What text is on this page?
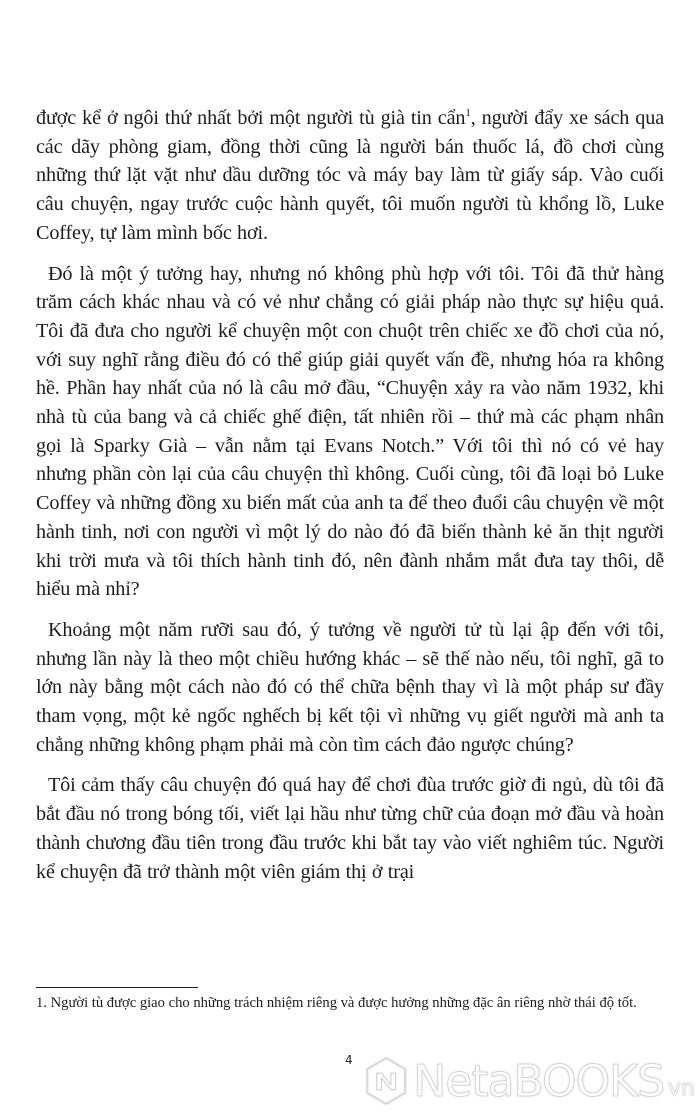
được kể ở ngôi thứ nhất bởi một người tù già tin cẩn$^1$, người đẩy xe sách qua các dãy phòng giam, đồng thời cũng là người bán thuốc lá, đồ chơi cùng những thứ lặt vặt như dầu dưỡng tóc và máy bay làm từ giấy sáp. Vào cuối câu chuyện, ngay trước cuộc hành quyết, tôi muốn người tù khổng lồ, Luke Coffey, tự làm mình bốc hơi.

Đó là một ý tưởng hay, nhưng nó không phù hợp với tôi. Tôi đã thử hàng trăm cách khác nhau và có vẻ như chẳng có giải pháp nào thực sự hiệu quả. Tôi đã đưa cho người kể chuyện một con chuột trên chiếc xe đồ chơi của nó, với suy nghĩ rằng điều đó có thể giúp giải quyết vấn đề, nhưng hóa ra không hề. Phần hay nhất của nó là câu mở đầu, “Chuyện xảy ra vào năm 1932, khi nhà tù của bang và cả chiếc ghế điện, tất nhiên rồi – thứ mà các phạm nhân gọi là Sparky Già – vẫn nằm tại Evans Notch.” Với tôi thì nó có vẻ hay nhưng phần còn lại của câu chuyện thì không. Cuối cùng, tôi đã loại bỏ Luke Coffey và những đồng xu biến mất của anh ta để theo đuổi câu chuyện về một hành tinh, nơi con người vì một lý do nào đó đã biến thành kẻ ăn thịt người khi trời mưa và tôi thích hành tinh đó, nên đành nhắm mắt đưa tay thôi, dễ hiểu mà nhỉ?

Khoảng một năm rưỡi sau đó, ý tưởng về người tử tù lại ập đến với tôi, nhưng lần này là theo một chiều hướng khác – sẽ thế nào nếu, tôi nghĩ, gã to lớn này bằng một cách nào đó có thể chữa bệnh thay vì là một pháp sư đầy tham vọng, một kẻ ngốc nghếch bị kết tội vì những vụ giết người mà anh ta chẳng những không phạm phải mà còn tìm cách đảo ngược chúng?

Tôi cảm thấy câu chuyện đó quá hay để chơi đùa trước giờ đi ngủ, dù tôi đã bắt đầu nó trong bóng tối, viết lại hầu như từng chữ của đoạn mở đầu và hoàn thành chương đầu tiên trong đầu trước khi bắt tay vào viết nghiêm túc. Người kể chuyện đã trở thành một viên giám thị ở trại

1. Người tù được giao cho những trách nhiệm riêng và được hưởng những đặc ân riêng nhờ thái độ tốt.

4 NetaBOOKS vn
